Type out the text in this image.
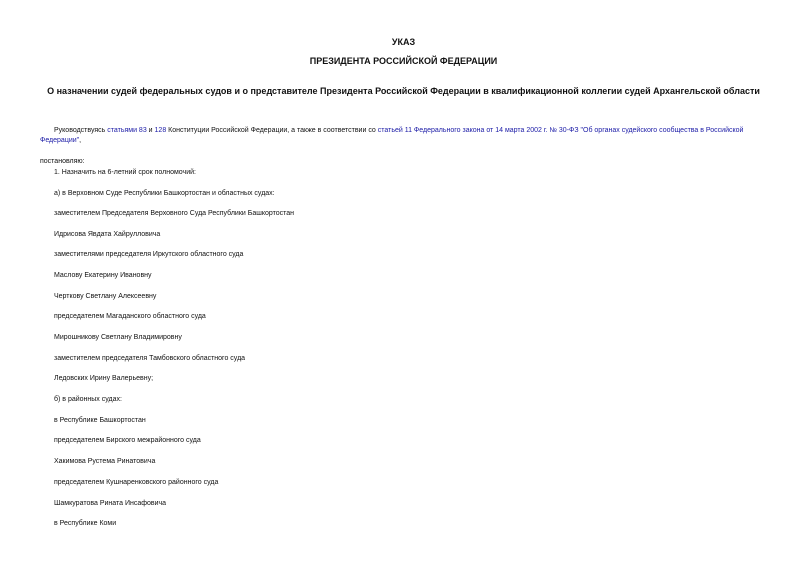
УКАЗ
ПРЕЗИДЕНТА РОССИЙСКОЙ ФЕДЕРАЦИИ
О назначении судей федеральных судов и о представителе Президента Российской Федерации в квалификационной коллегии судей Архангельской области
Руководствуясь статьями 83 и 128 Конституции Российской Федерации, а также в соответствии со статьей 11 Федерального закона от 14 марта 2002 г. № 30-ФЗ "Об органах судейского сообщества в Российской Федерации",
постановляю:
1. Назначить на 6-летний срок полномочий:
а) в Верховном Суде Республики Башкортостан и областных судах:
заместителем Председателя Верховного Суда Республики Башкортостан
Идрисова Явдата Хайрулловича
заместителями председателя Иркутского областного суда
Маслову Екатерину Ивановну
Черткову Светлану Алексеевну
председателем Магаданского областного суда
Мирошникову Светлану Владимировну
заместителем председателя Тамбовского областного суда
Ледовских Ирину Валерьевну;
б) в районных судах:
в Республике Башкортостан
председателем Бирского межрайонного суда
Хакимова Рустема Ринатовича
председателем Кушнаренковского районного суда
Шамкуратова Рината Инсафовича
в Республике Коми
